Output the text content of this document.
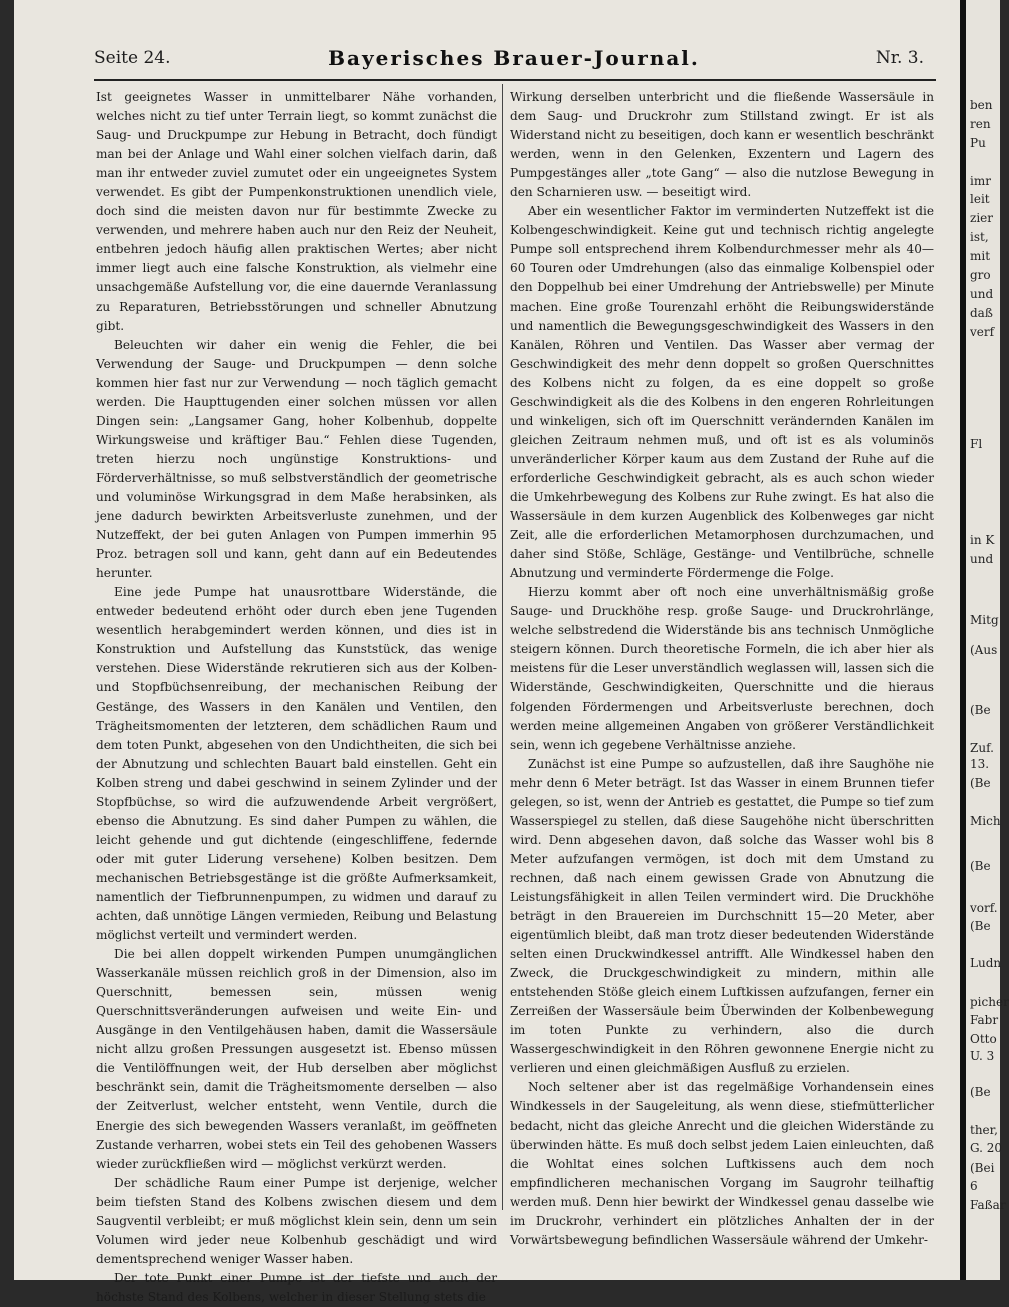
Seite 24.	Bayerisches Brauer-Journal.	Nr. 3.

Ist geeignetes Wasser in unmittelbarer Nähe vorhanden, welches nicht zu tief unter Terrain liegt, so kommt zunächst die Saug- und Druckpumpe zur Hebung in Betracht, doch fündigt man bei der Anlage und Wahl einer solchen vielfach darin, daß man ihr entweder zuviel zumutet oder ein ungeeignetes System verwendet. Es gibt der Pumpenkonstruktionen unendlich viele, doch sind die meisten davon nur für bestimmte Zwecke zu verwenden, und mehrere haben auch nur den Reiz der Neuheit, entbehren jedoch häufig allen praktischen Wertes; aber nicht immer liegt auch eine falsche Konstruktion, als vielmehr eine unsachgemäße Aufstellung vor, die eine dauernde Veranlassung zu Reparaturen, Betriebsstörungen und schneller Abnutzung gibt.

Beleuchten wir daher ein wenig die Fehler, die bei Verwendung der Sauge- und Druckpumpen — denn solche kommen hier fast nur zur Verwendung — noch täglich gemacht werden. Die Haupttugenden einer solchen müssen vor allen Dingen sein: „Langsamer Gang, hoher Kolbenhub, doppelte Wirkungsweise und kräftiger Bau.“ Fehlen diese Tugenden, treten hierzu noch ungünstige Konstruktions- und Förderverhältnisse, so muß selbstverständlich der geometrische und voluminöse Wirkungsgrad in dem Maße herabsinken, als jene dadurch bewirkten Arbeitsverluste zunehmen, und der Nutzeffekt, der bei guten Anlagen von Pumpen immerhin 95 Proz. betragen soll und kann, geht dann auf ein Bedeutendes herunter.

Eine jede Pumpe hat unausrottbare Widerstände, die entweder bedeutend erhöht oder durch eben jene Tugenden wesentlich herabgemindert werden können, und dies ist in Konstruktion und Aufstellung das Kunststück, das wenige verstehen. Diese Widerstände rekrutieren sich aus der Kolben- und Stopfbüchsenreibung, der mechanischen Reibung der Gestänge, des Wassers in den Kanälen und Ventilen, den Trägheitsmomenten der letzteren, dem schädlichen Raum und dem toten Punkt, abgesehen von den Undichtheiten, die sich bei der Abnutzung und schlechten Bauart bald einstellen. Geht ein Kolben streng und dabei geschwind in seinem Zylinder und der Stopfbüchse, so wird die aufzuwendende Arbeit vergrößert, ebenso die Abnutzung. Es sind daher Pumpen zu wählen, die leicht gehende und gut dichtende (eingeschliffene, federnde oder mit guter Liderung versehene) Kolben besitzen. Dem mechanischen Betriebsgestänge ist die größte Aufmerksamkeit, namentlich der Tiefbrunnenpumpen, zu widmen und darauf zu achten, daß unnötige Längen vermieden, Reibung und Belastung möglichst verteilt und vermindert werden.

Die bei allen doppelt wirkenden Pumpen unumgänglichen Wasserkanäle müssen reichlich groß in der Dimension, also im Querschnitt, bemessen sein, müssen wenig Querschnittsveränderungen aufweisen und weite Ein- und Ausgänge in den Ventilgehäusen haben, damit die Wassersäule nicht allzu großen Pressungen ausgesetzt ist. Ebenso müssen die Ventilöffnungen weit, der Hub derselben aber möglichst beschränkt sein, damit die Trägheitsmomente derselben — also der Zeitverlust, welcher entsteht, wenn Ventile, durch die Energie des sich bewegenden Wassers veranlaßt, im geöffneten Zustande verharren, wobei stets ein Teil des gehobenen Wassers wieder zurückfließen wird — möglichst verkürzt werden.

Der schädliche Raum einer Pumpe ist derjenige, welcher beim tiefsten Stand des Kolbens zwischen diesem und dem Saugventil verbleibt; er muß möglichst klein sein, denn um sein Volumen wird jeder neue Kolbenhub geschädigt und wird dementsprechend weniger Wasser haben.

Der tote Punkt einer Pumpe ist der tiefste und auch der höchste Stand des Kolbens, welcher in dieser Stellung stets die

Wirkung derselben unterbricht und die fließende Wassersäule in dem Saug- und Druckrohr zum Stillstand zwingt. Er ist als Widerstand nicht zu beseitigen, doch kann er wesentlich beschränkt werden, wenn in den Gelenken, Exzentern und Lagern des Pumpgestänges aller „tote Gang“ — also die nutzlose Bewegung in den Scharnieren usw. — beseitigt wird.

Aber ein wesentlicher Faktor im verminderten Nutzeffekt ist die Kolbengeschwindigkeit. Keine gut und technisch richtig angelegte Pumpe soll entsprechend ihrem Kolbendurchmesser mehr als 40—60 Touren oder Umdrehungen (also das einmalige Kolbenspiel oder den Doppelhub bei einer Umdrehung der Antriebswelle) per Minute machen. Eine große Tourenzahl erhöht die Reibungswiderstände und namentlich die Bewegungsgeschwindigkeit des Wassers in den Kanälen, Röhren und Ventilen. Das Wasser aber vermag der Geschwindigkeit des mehr denn doppelt so großen Querschnittes des Kolbens nicht zu folgen, da es eine doppelt so große Geschwindigkeit als die des Kolbens in den engeren Rohrleitungen und winkeligen, sich oft im Querschnitt verändernden Kanälen im gleichen Zeitraum nehmen muß, und oft ist es als voluminös unveränderlicher Körper kaum aus dem Zustand der Ruhe auf die erforderliche Geschwindigkeit gebracht, als es auch schon wieder die Umkehrbewegung des Kolbens zur Ruhe zwingt. Es hat also die Wassersäule in dem kurzen Augenblick des Kolbenweges gar nicht Zeit, alle die erforderlichen Metamorphosen durchzumachen, und daher sind Stöße, Schläge, Gestänge- und Ventilbrüche, schnelle Abnutzung und verminderte Fördermenge die Folge.

Hierzu kommt aber oft noch eine unverhältnismäßig große Sauge- und Druckhöhe resp. große Sauge- und Druckrohrlänge, welche selbstredend die Widerstände bis ans technisch Unmögliche steigern können. Durch theoretische Formeln, die ich aber hier als meistens für die Leser unverständlich weglassen will, lassen sich die Widerstände, Geschwindigkeiten, Querschnitte und die hieraus folgenden Fördermengen und Arbeitsverluste berechnen, doch werden meine allgemeinen Angaben von größerer Verständlichkeit sein, wenn ich gegebene Verhältnisse anziehe.

Zunächst ist eine Pumpe so aufzustellen, daß ihre Saughöhe nie mehr denn 6 Meter beträgt. Ist das Wasser in einem Brunnen tiefer gelegen, so ist, wenn der Antrieb es gestattet, die Pumpe so tief zum Wasserspiegel zu stellen, daß diese Saugehöhe nicht überschritten wird. Denn abgesehen davon, daß solche das Wasser wohl bis 8 Meter aufzufangen vermögen, ist doch mit dem Umstand zu rechnen, daß nach einem gewissen Grade von Abnutzung die Leistungsfähigkeit in allen Teilen vermindert wird. Die Druckhöhe beträgt in den Brauereien im Durchschnitt 15—20 Meter, aber eigentümlich bleibt, daß man trotz dieser bedeutenden Widerstände selten einen Druckwindkessel antrifft. Alle Windkessel haben den Zweck, die Druckgeschwindigkeit zu mindern, mithin alle entstehenden Stöße gleich einem Luftkissen aufzufangen, ferner ein Zerreißen der Wassersäule beim Überwinden der Kolbenbewegung im toten Punkte zu verhindern, also die durch Wassergeschwindigkeit in den Röhren gewonnene Energie nicht zu verlieren und einen gleichmäßigen Ausfluß zu erzielen.

Noch seltener aber ist das regelmäßige Vorhandensein eines Windkessels in der Saugeleitung, als wenn diese, stiefmütterlicher bedacht, nicht das gleiche Anrecht und die gleichen Widerstände zu überwinden hätte. Es muß doch selbst jedem Laien einleuchten, daß die Wohltat eines solchen Luftkissens auch dem noch empfindlicheren mechanischen Vorgang im Saugrohr teilhaftig werden muß. Denn hier bewirkt der Windkessel genau dasselbe wie im Druckrohr, verhindert ein plötzliches Anhalten der in der Vorwärtsbewegung befindlichen Wassersäule während der Umkehr-

ben
ren
Pu
imr
leit
zier
ist,
mit
gro
und
daß
verf
Fl
in K
und
Mitg
(Aus
(Be
Zuf.
13.
(Be
Mich
(Be
vorf.
(Be
Ludn
picher
Fabr
Otto
U. 3
(Be
ther,
G. 20
(Bei
6
Faßar
